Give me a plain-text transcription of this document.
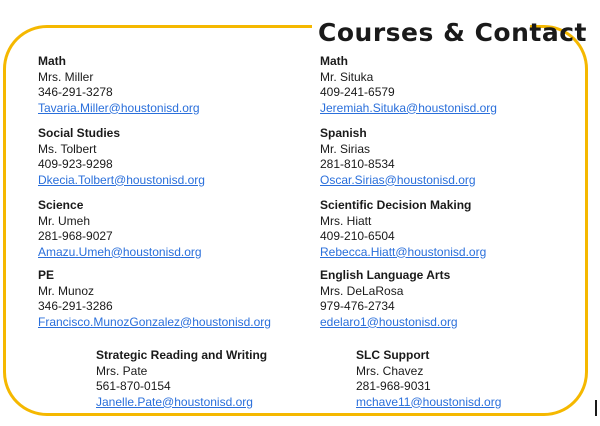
Courses & Contact
Math
Mrs. Miller
346-291-3278
Tavaria.Miller@houstonisd.org
Social Studies
Ms. Tolbert
409-923-9298
Dkecia.Tolbert@houstonisd.org
Science
Mr. Umeh
281-968-9027
Amazu.Umeh@houstonisd.org
PE
Mr. Munoz
346-291-3286
Francisco.MunozGonzalez@houstonisd.org
Math
Mr. Situka
409-241-6579
Jeremiah.Situka@houstonisd.org
Spanish
Mr. Sirias
281-810-8534
Oscar.Sirias@houstonisd.org
Scientific Decision Making
Mrs. Hiatt
409-210-6504
Rebecca.Hiatt@houstonisd.org
English Language Arts
Mrs. DeLaRosa
979-476-2734
edelaro1@houstonisd.org
Strategic Reading and Writing
Mrs. Pate
561-870-0154
Janelle.Pate@houstonisd.org
SLC Support
Mrs. Chavez
281-968-9031
mchave11@houstonisd.org
